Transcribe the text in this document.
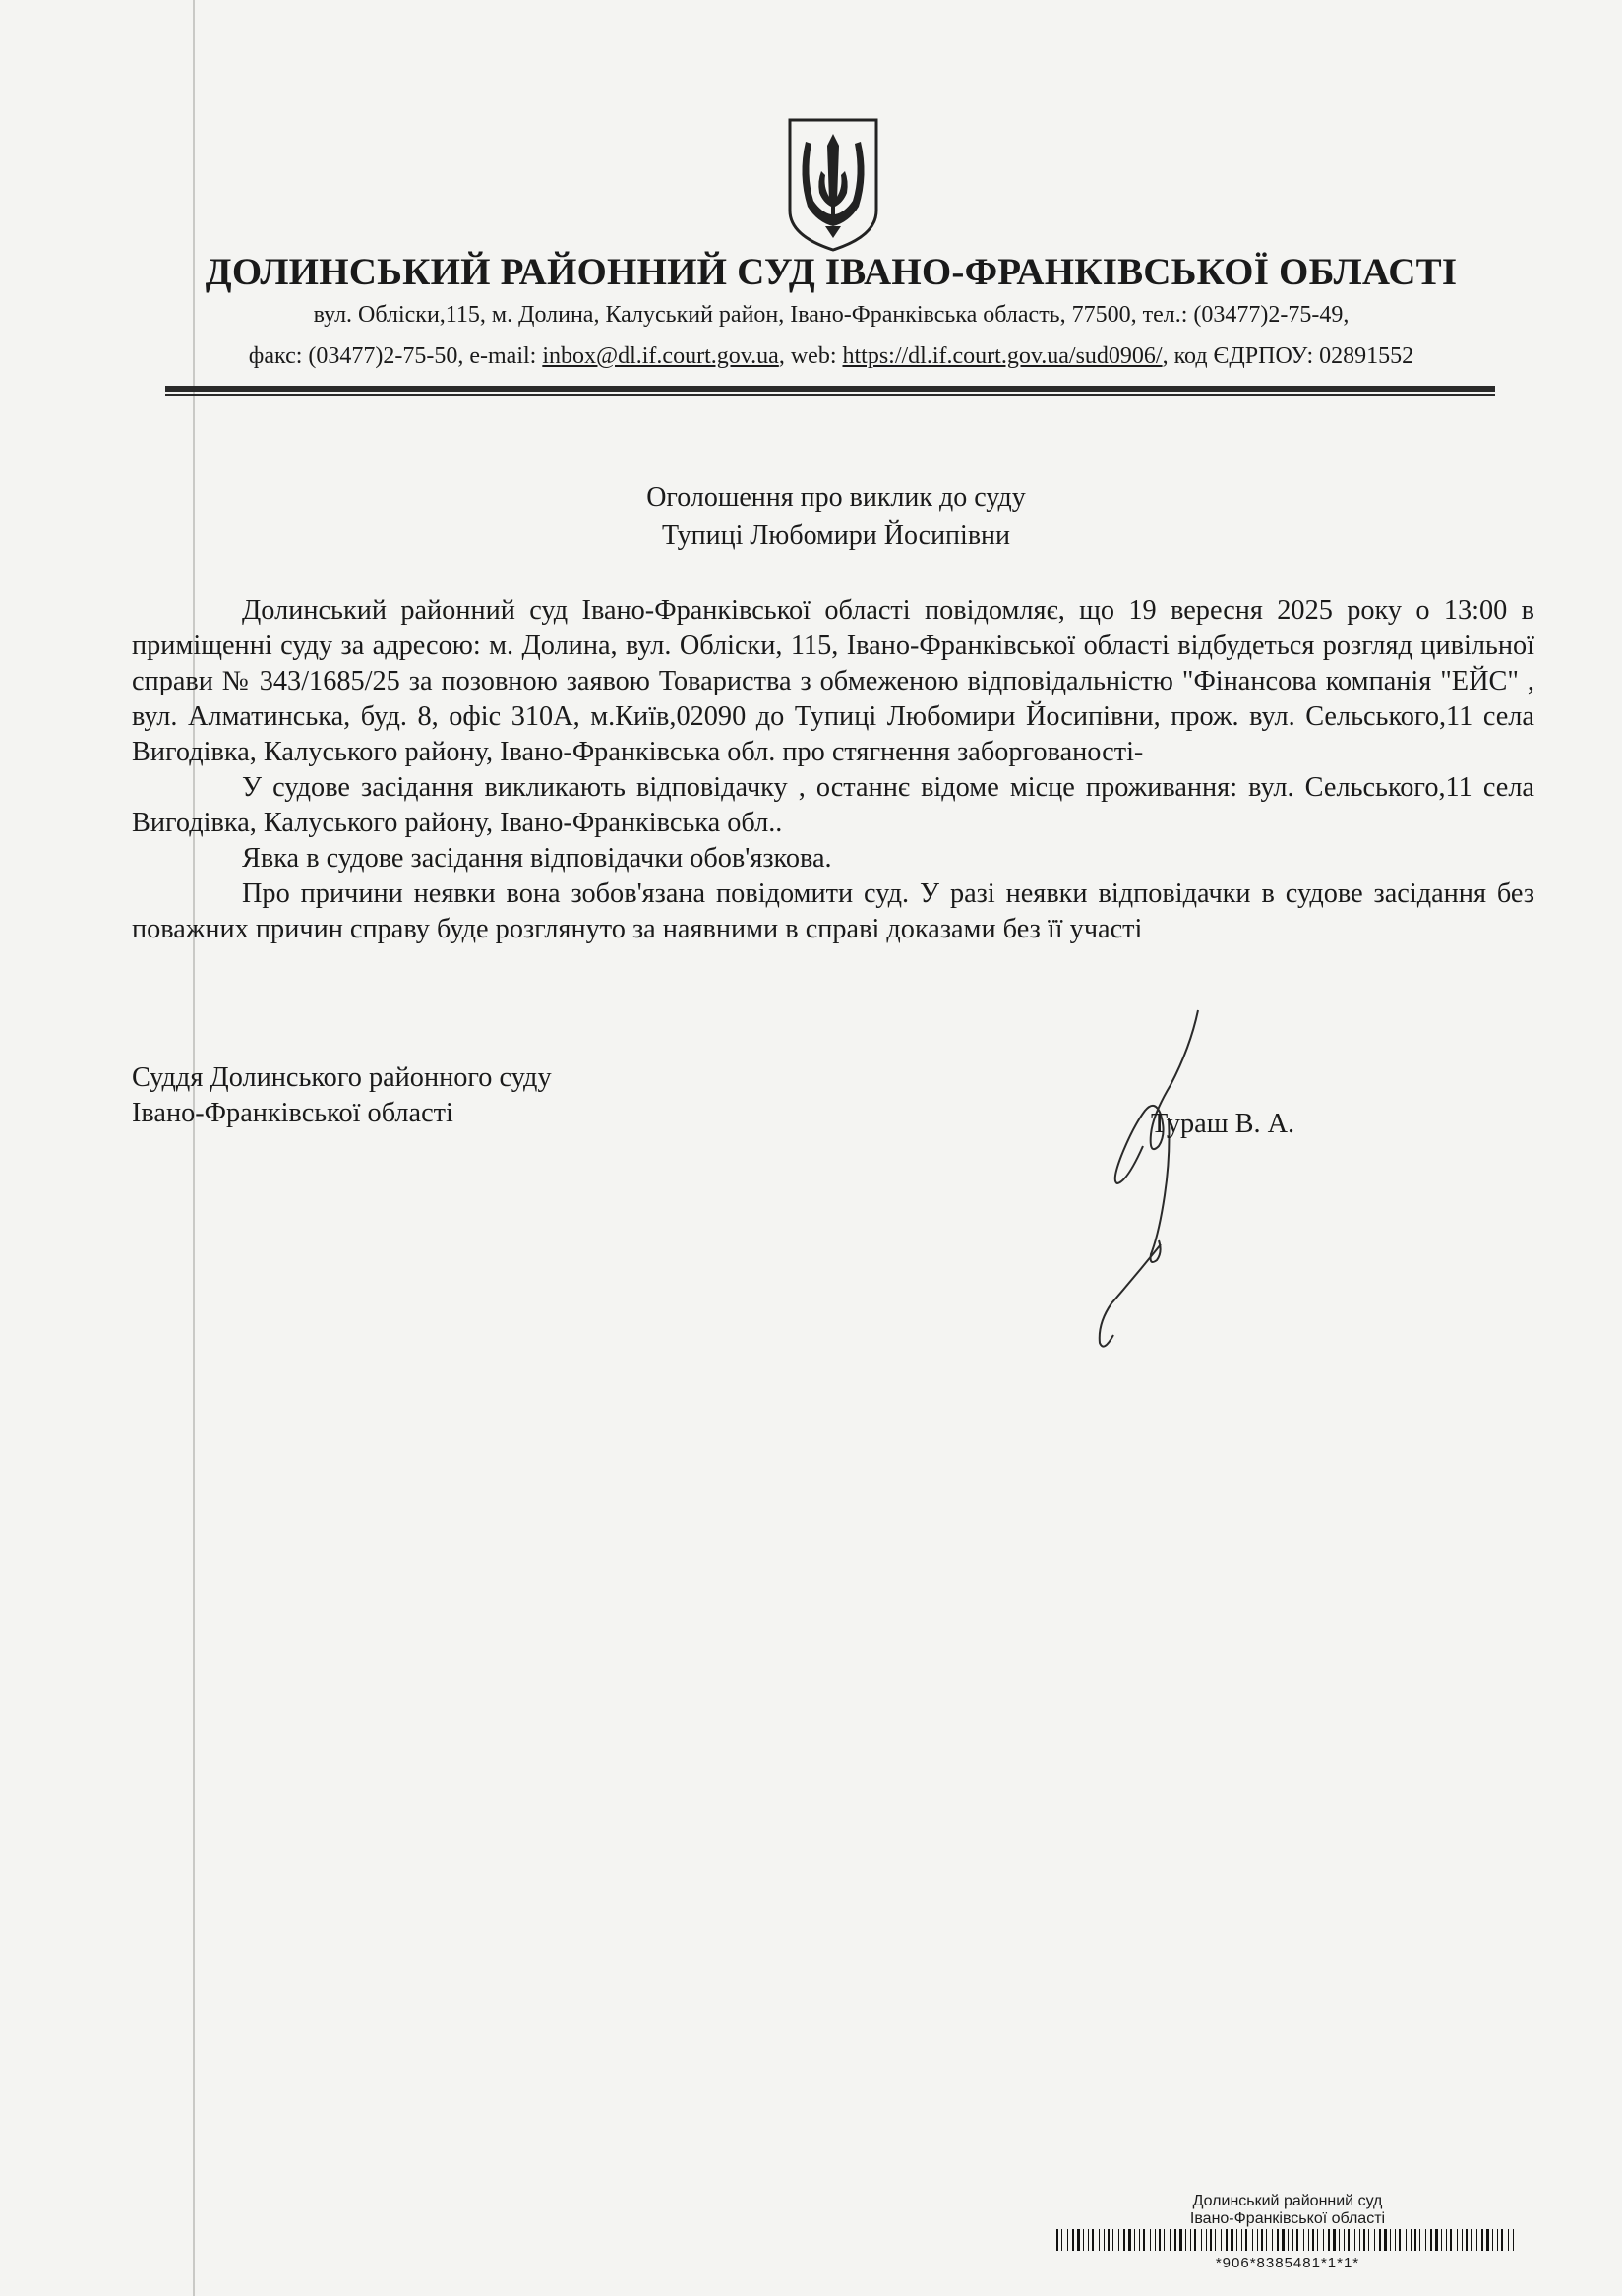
ДОЛИНСЬКИЙ РАЙОННИЙ СУД ІВАНО-ФРАНКІВСЬКОЇ ОБЛАСТІ

вул. Обліски,115, м. Долина, Калуський район, Івано-Франківська область, 77500, тел.: (03477)2-75-49,

факс: (03477)2-75-50, e-mail: inbox@dl.if.court.gov.ua, web: https://dl.if.court.gov.ua/sud0906/, код ЄДРПОУ: 02891552

Оголошення про виклик до суду

Тупиці Любомири Йосипівни

Долинський районний суд Івано-Франківської області повідомляє, що 19 вересня 2025 року о 13:00 в приміщенні суду за адресою: м. Долина, вул. Обліски, 115, Івано-Франківської області відбудеться розгляд цивільної справи № 343/1685/25 за позовною заявою Товариства з обмеженою відповідальністю "Фінансова компанія "ЕЙС" , вул. Алматинська, буд. 8, офіс 310А, м.Київ,02090 до Тупиці Любомири Йосипівни, прож. вул. Сельського,11 села Вигодівка, Калуського району, Івано-Франківська обл. про стягнення заборгованості-

У судове засідання викликають відповідачку , останнє відоме місце проживання: вул. Сельського,11 села Вигодівка, Калуського району, Івано-Франківська обл..

Явка в судове засідання відповідачки обов'язкова.

Про причини неявки вона зобов'язана повідомити суд. У разі неявки відповідачки в судове засідання без поважних причин справу буде розглянуто за наявними в справі доказами без її участі

Суддя Долинського районного суду
Івано-Франківської області	Тураш В. А.
Долинський районний суд
Івано-Франківської області
*906*8385481*1*1*
